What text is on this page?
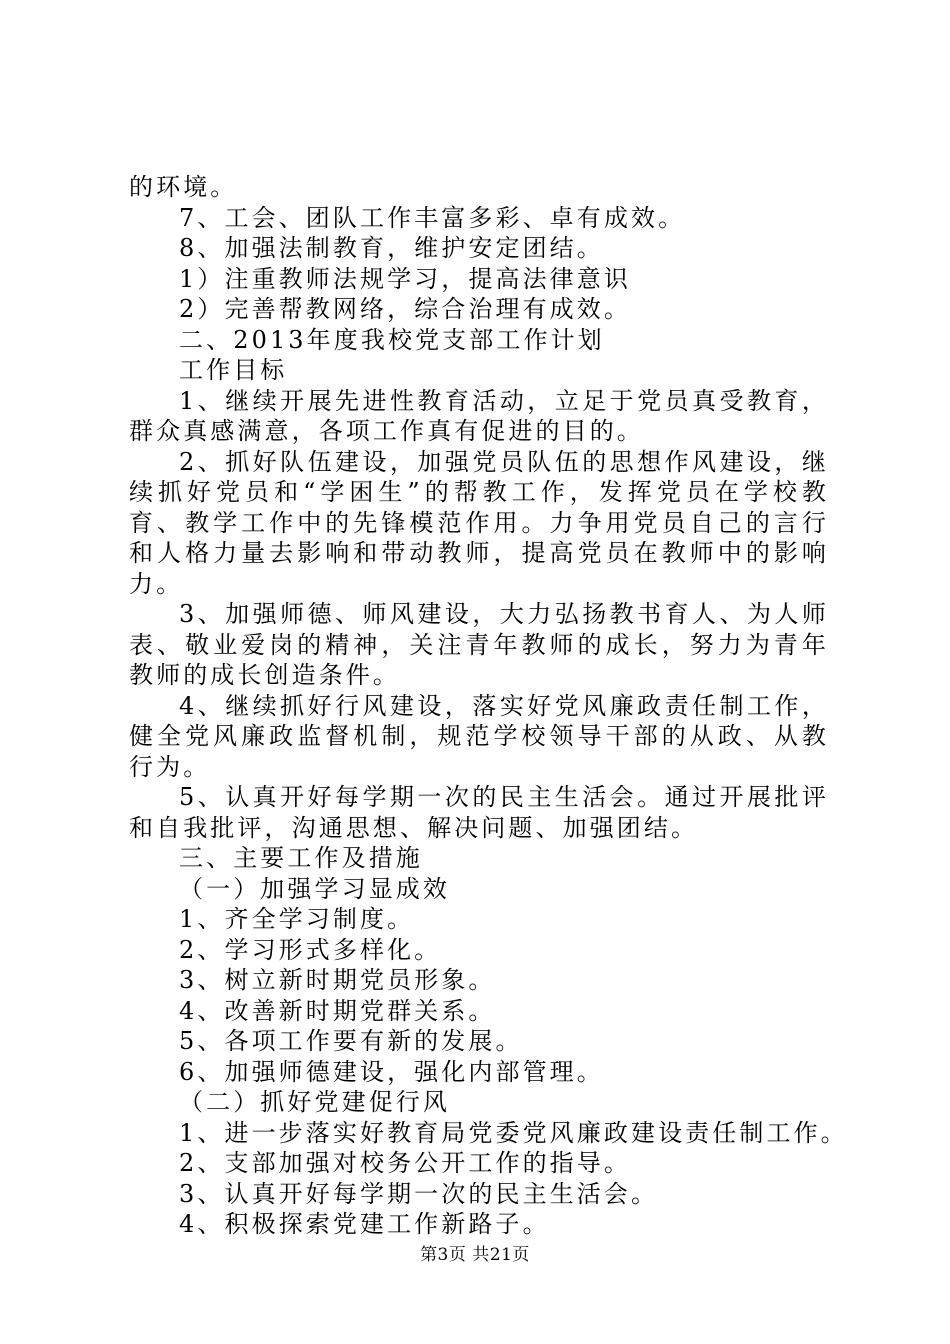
的环境。
7、工会、团队工作丰富多彩、卓有成效。
8、加强法制教育，维护安定团结。
1）注重教师法规学习，提高法律意识
2）完善帮教网络，综合治理有成效。
二、2013年度我校党支部工作计划
工作目标
1、继续开展先进性教育活动，立足于党员真受教育，群众真感满意，各项工作真有促进的目的。
2、抓好队伍建设，加强党员队伍的思想作风建设，继续抓好党员和“学困生”的帮教工作，发挥党员在学校教育、教学工作中的先锋模范作用。力争用党员自己的言行和人格力量去影响和带动教师，提高党员在教师中的影响力。
3、加强师德、师风建设，大力弘扬教书育人、为人师表、敬业爱岗的精神，关注青年教师的成长，努力为青年教师的成长创造条件。
4、继续抓好行风建设，落实好党风廉政责任制工作，健全党风廉政监督机制，规范学校领导干部的从政、从教行为。
5、认真开好每学期一次的民主生活会。通过开展批评和自我批评，沟通思想、解决问题、加强团结。
三、主要工作及措施
（一）加强学习显成效
1、齐全学习制度。
2、学习形式多样化。
3、树立新时期党员形象。
4、改善新时期党群关系。
5、各项工作要有新的发展。
6、加强师德建设，强化内部管理。
（二）抓好党建促行风
1、进一步落实好教育局党委党风廉政建设责任制工作。
2、支部加强对校务公开工作的指导。
3、认真开好每学期一次的民主生活会。
4、积极探索党建工作新路子。
第3页 共21页
